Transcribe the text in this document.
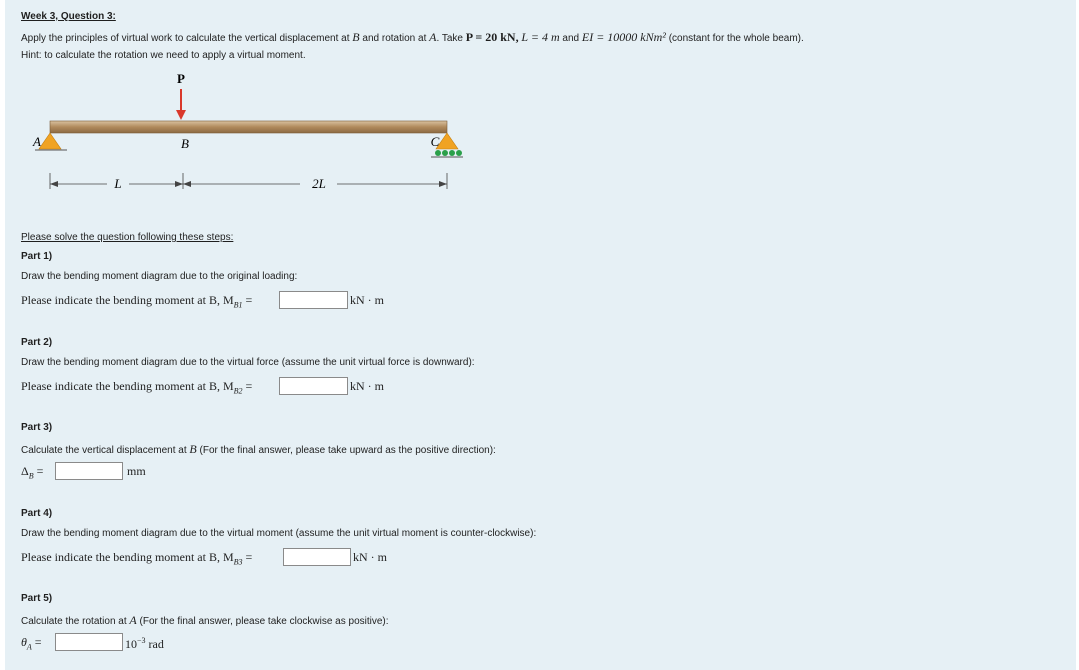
Week 3, Question 3:
Apply the principles of virtual work to calculate the vertical displacement at B and rotation at A. Take P = 20 kN, L = 4 m and EI = 10000 kNm² (constant for the whole beam).
Hint: to calculate the rotation we need to apply a virtual moment.
P
A	B	C
L	2L
Please solve the question following these steps:
Part 1)
Draw the bending moment diagram due to the original loading:
Please indicate the bending moment at B, $M_{B1}$ =	kN · m
Part 2)
Draw the bending moment diagram due to the virtual force (assume the unit virtual force is downward):
Please indicate the bending moment at B, $M_{B2}$ =	kN · m
Part 3)
Calculate the vertical displacement at B (For the final answer, please take upward as the positive direction):
$\Delta_B$ =	mm
Part 4)
Draw the bending moment diagram due to the virtual moment (assume the unit virtual moment is counter-clockwise):
Please indicate the bending moment at B, $M_{B3}$ =	kN · m
Part 5)
Calculate the rotation at A (For the final answer, please take clockwise as positive):
$\theta_A$ =	$10^{-3}$ rad
